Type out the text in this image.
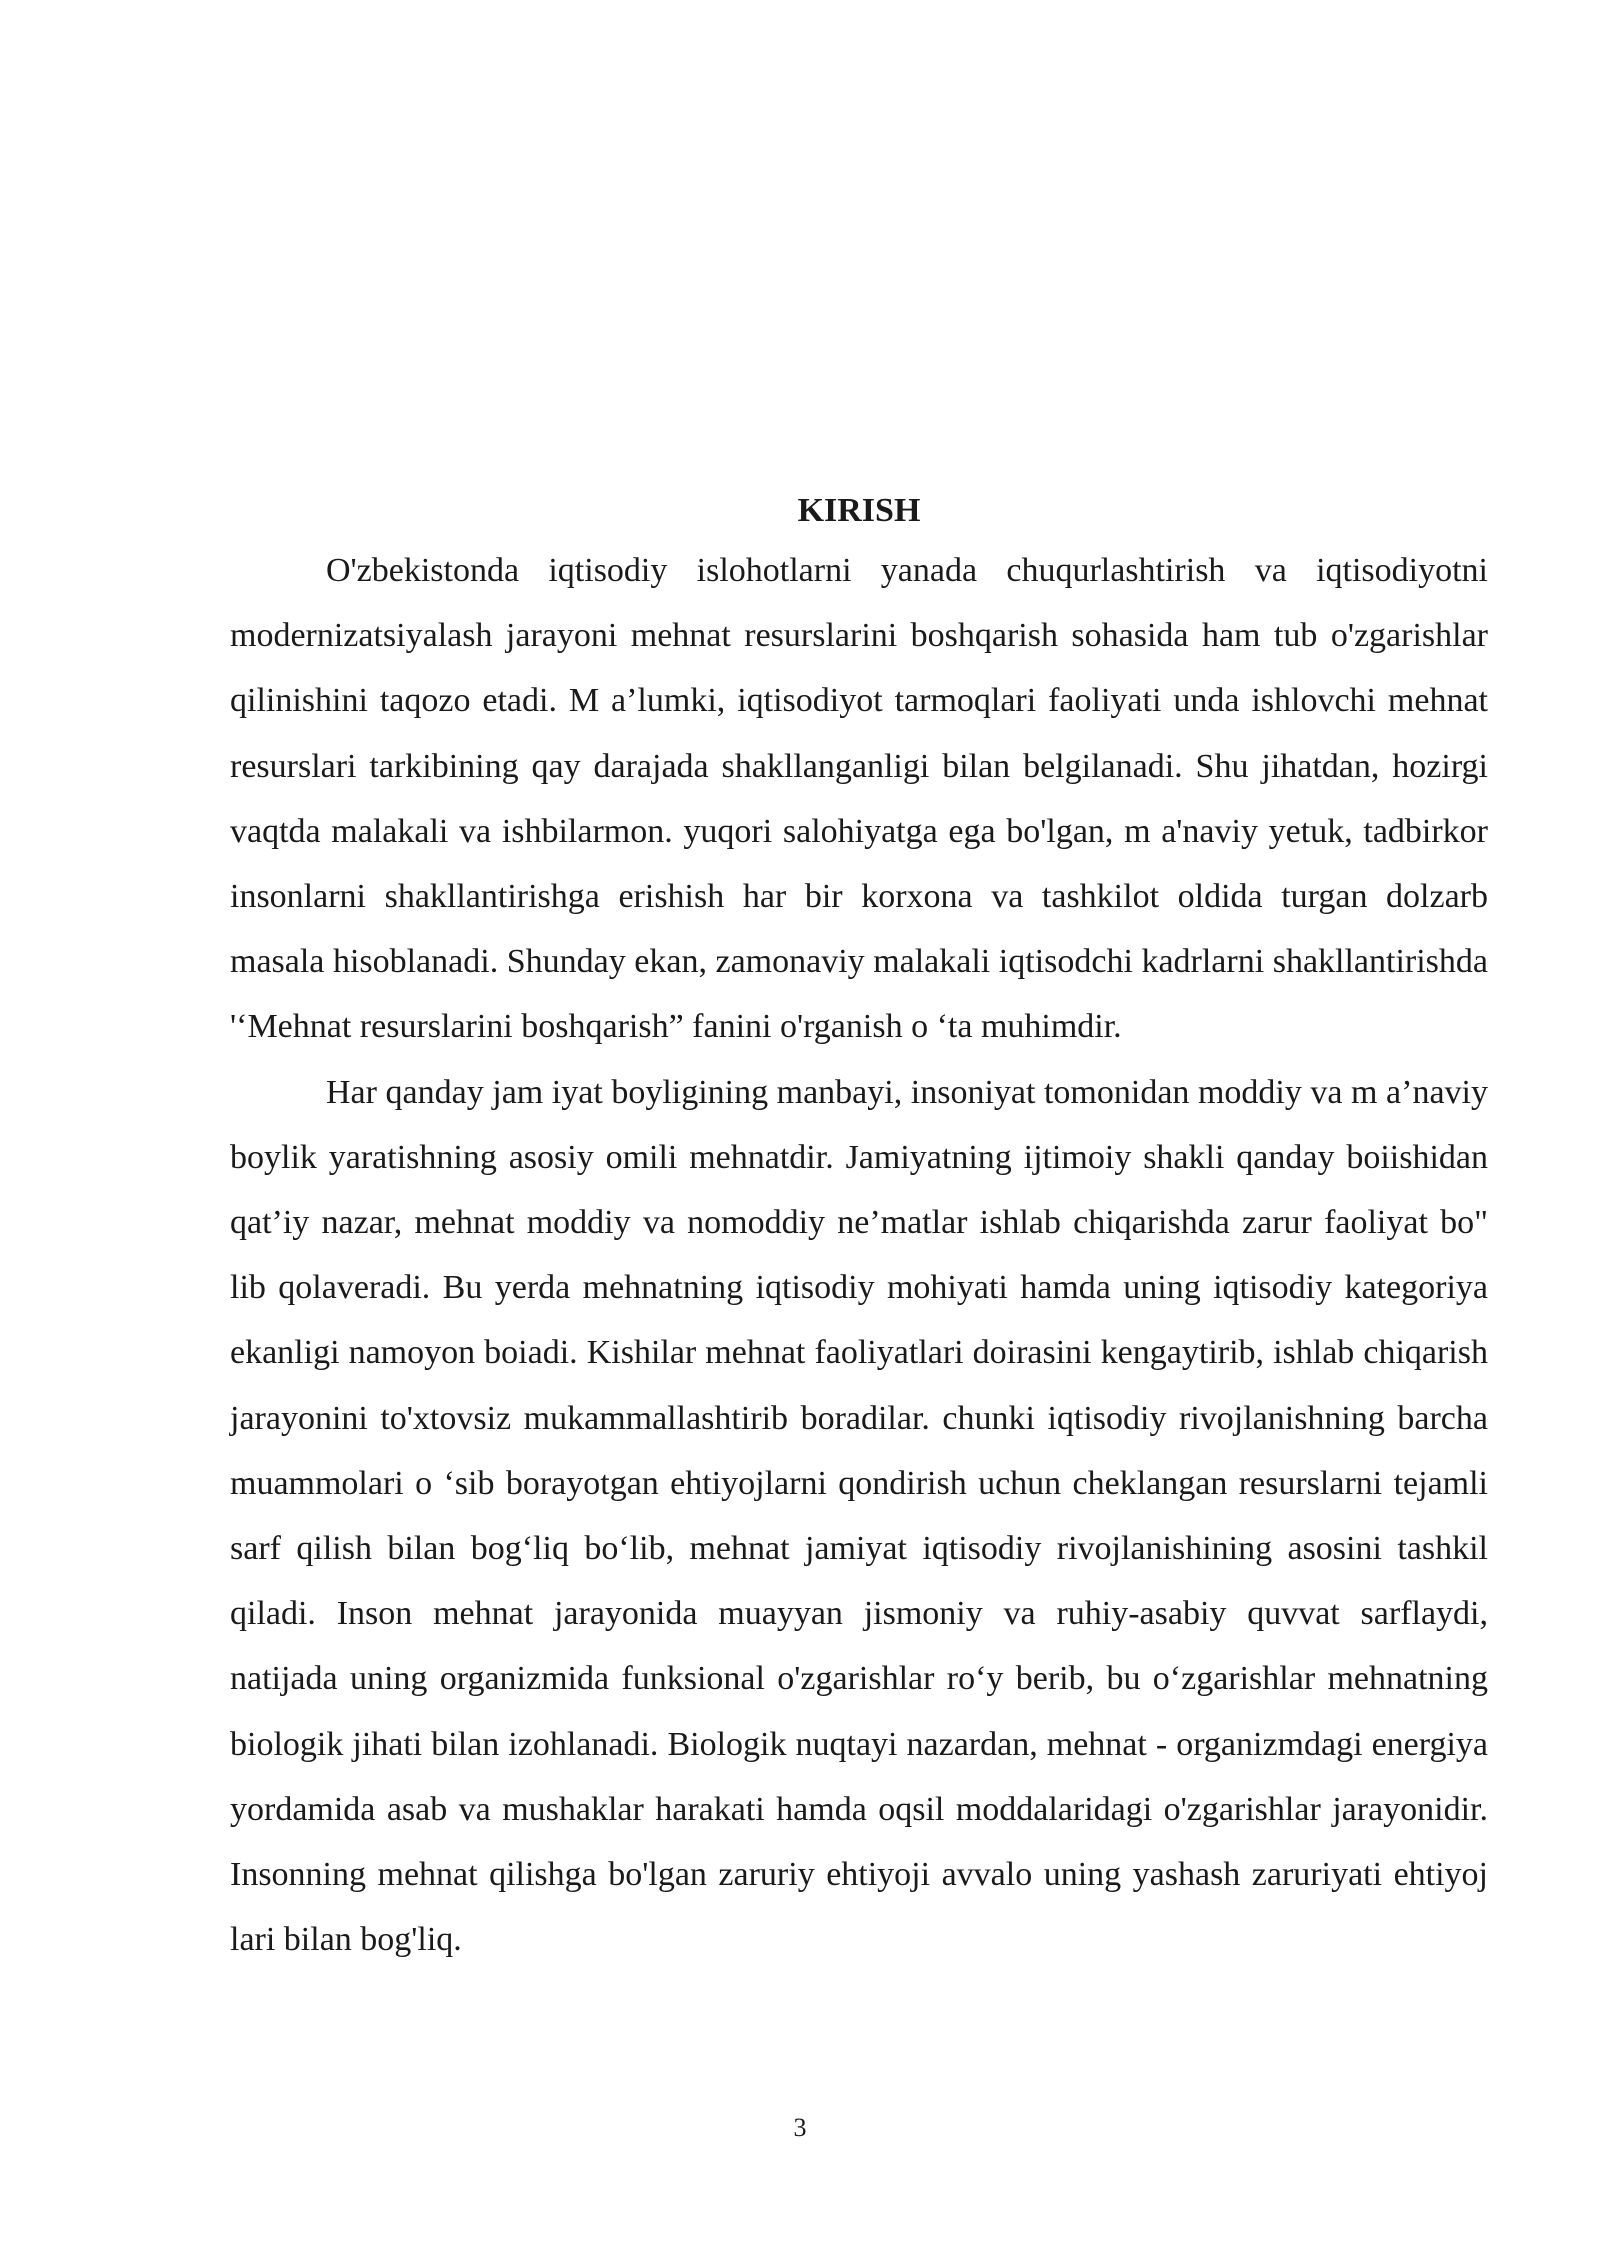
KIRISH

O'zbekistonda iqtisodiy islohotlarni yanada chuqurlashtirish va iqtisodiyotni modernizatsiyalash jarayoni mehnat resurslarini boshqarish sohasida ham tub o'zgarishlar qilinishini taqozo etadi. M a’lumki, iqtisodiyot tarmoqlari faoliyati unda ishlovchi mehnat resurslari tarkibining qay darajada shakllanganligi bilan belgilanadi. Shu jihatdan, hozirgi vaqtda malakali va ishbilarmon. yuqori salohiyatga ega bo'lgan, m a'naviy yetuk, tadbirkor insonlarni shakllantirishga erishish har bir korxona va tashkilot oldida turgan dolzarb masala hisoblanadi. Shunday ekan, zamonaviy malakali iqtisodchi kadrlarni shakllantirishda '‘Mehnat resurslarini boshqarish” fanini o'rganish o ‘ta muhimdir.

Har qanday jam iyat boyligining manbayi, insoniyat tomonidan moddiy va m a’naviy boylik yaratishning asosiy omili mehnatdir. Jamiyatning ijtimoiy shakli qanday boiishidan qat’iy nazar, mehnat moddiy va nomoddiy ne’matlar ishlab chiqarishda zarur faoliyat bo" lib qolaveradi. Bu yerda mehnatning iqtisodiy mohiyati hamda uning iqtisodiy kategoriya ekanligi namoyon boiadi. Kishilar mehnat faoliyatlari doirasini kengaytirib, ishlab chiqarish jarayonini to'xtovsiz mukammallashtirib boradilar. chunki iqtisodiy rivojlanishning barcha muammolari o ‘sib borayotgan ehtiyojlarni qondirish uchun cheklangan resurslarni tejamli sarf qilish bilan bog‘liq bo‘lib, mehnat jamiyat iqtisodiy rivojlanishining asosini tashkil qiladi. Inson mehnat jarayonida muayyan jismoniy va ruhiy-asabiy quvvat sarflaydi, natijada uning organizmida funksional o'zgarishlar ro‘y berib, bu o‘zgarishlar mehnatning biologik jihati bilan izohlanadi. Biologik nuqtayi nazardan, mehnat - organizmdagi energiya yordamida asab va mushaklar harakati hamda oqsil moddalaridagi o'zgarishlar jarayonidir. Insonning mehnat qilishga bo'lgan zaruriy ehtiyoji avvalo uning yashash zaruriyati ehtiyoj lari bilan bog'liq.

3
